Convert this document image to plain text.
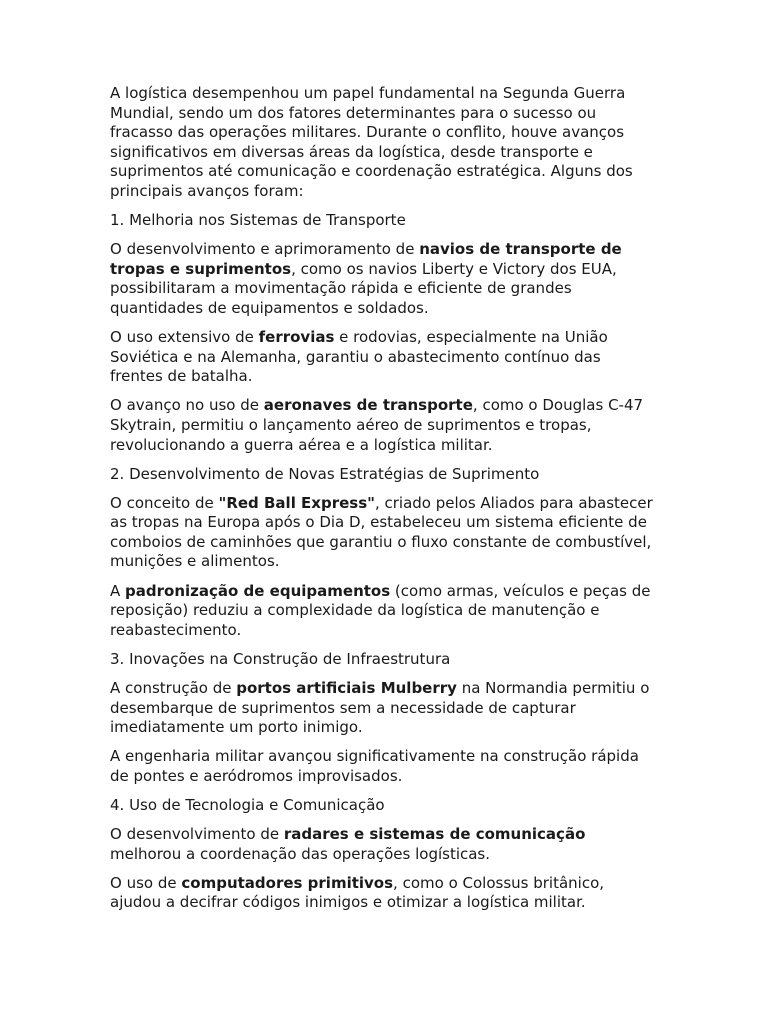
A logística desempenhou um papel fundamental na Segunda Guerra Mundial, sendo um dos fatores determinantes para o sucesso ou fracasso das operações militares. Durante o conflito, houve avanços significativos em diversas áreas da logística, desde transporte e suprimentos até comunicação e coordenação estratégica. Alguns dos principais avanços foram:

1. Melhoria nos Sistemas de Transporte

O desenvolvimento e aprimoramento de navios de transporte de tropas e suprimentos, como os navios Liberty e Victory dos EUA, possibilitaram a movimentação rápida e eficiente de grandes quantidades de equipamentos e soldados.

O uso extensivo de ferrovias e rodovias, especialmente na União Soviética e na Alemanha, garantiu o abastecimento contínuo das frentes de batalha.

O avanço no uso de aeronaves de transporte, como o Douglas C-47 Skytrain, permitiu o lançamento aéreo de suprimentos e tropas, revolucionando a guerra aérea e a logística militar.

2. Desenvolvimento de Novas Estratégias de Suprimento

O conceito de "Red Ball Express", criado pelos Aliados para abastecer as tropas na Europa após o Dia D, estabeleceu um sistema eficiente de comboios de caminhões que garantiu o fluxo constante de combustível, munições e alimentos.

A padronização de equipamentos (como armas, veículos e peças de reposição) reduziu a complexidade da logística de manutenção e reabastecimento.

3. Inovações na Construção de Infraestrutura

A construção de portos artificiais Mulberry na Normandia permitiu o desembarque de suprimentos sem a necessidade de capturar imediatamente um porto inimigo.

A engenharia militar avançou significativamente na construção rápida de pontes e aeródromos improvisados.

4. Uso de Tecnologia e Comunicação

O desenvolvimento de radares e sistemas de comunicação melhorou a coordenação das operações logísticas.

O uso de computadores primitivos, como o Colossus britânico, ajudou a decifrar códigos inimigos e otimizar a logística militar.
